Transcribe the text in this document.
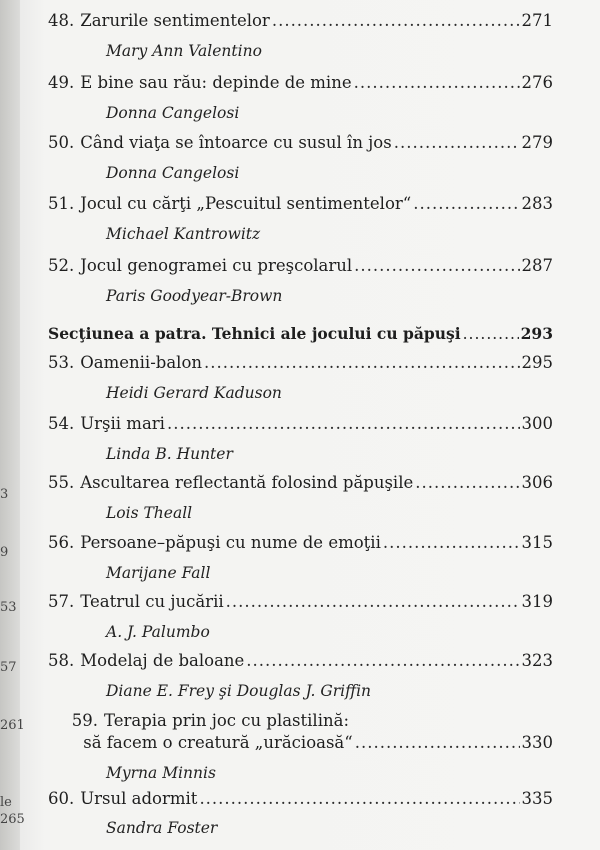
3
9
53
57
261
le
265
48. Zarurile sentimentelor .....	271
Mary Ann Valentino
49. E bine sau rău: depinde de mine .....	276
Donna Cangelosi
50. Când viaţa se întoarce cu susul în jos .....	279
Donna Cangelosi
51. Jocul cu cărţi „Pescuitul sentimentelor“ .....	283
Michael Kantrowitz
52. Jocul genogramei cu preşcolarul .....	287
Paris Goodyear-Brown
Secţiunea a patra. Tehnici ale jocului cu păpuşi .....	293
53. Oamenii-balon .....	295
Heidi Gerard Kaduson
54. Urşii mari .....	300
Linda B. Hunter
55. Ascultarea reflectantă folosind păpuşile .....	306
Lois Theall
56. Persoane–păpuşi cu nume de emoţii .....	315
Marijane Fall
57. Teatrul cu jucării .....	319
A. J. Palumbo
58. Modelaj de baloane .....	323
Diane E. Frey şi Douglas J. Griffin
59. Terapia prin joc cu plastilină:
să facem o creatură „urăcioasă“ .....	330
Myrna Minnis
60. Ursul adormit .....	335
Sandra Foster
